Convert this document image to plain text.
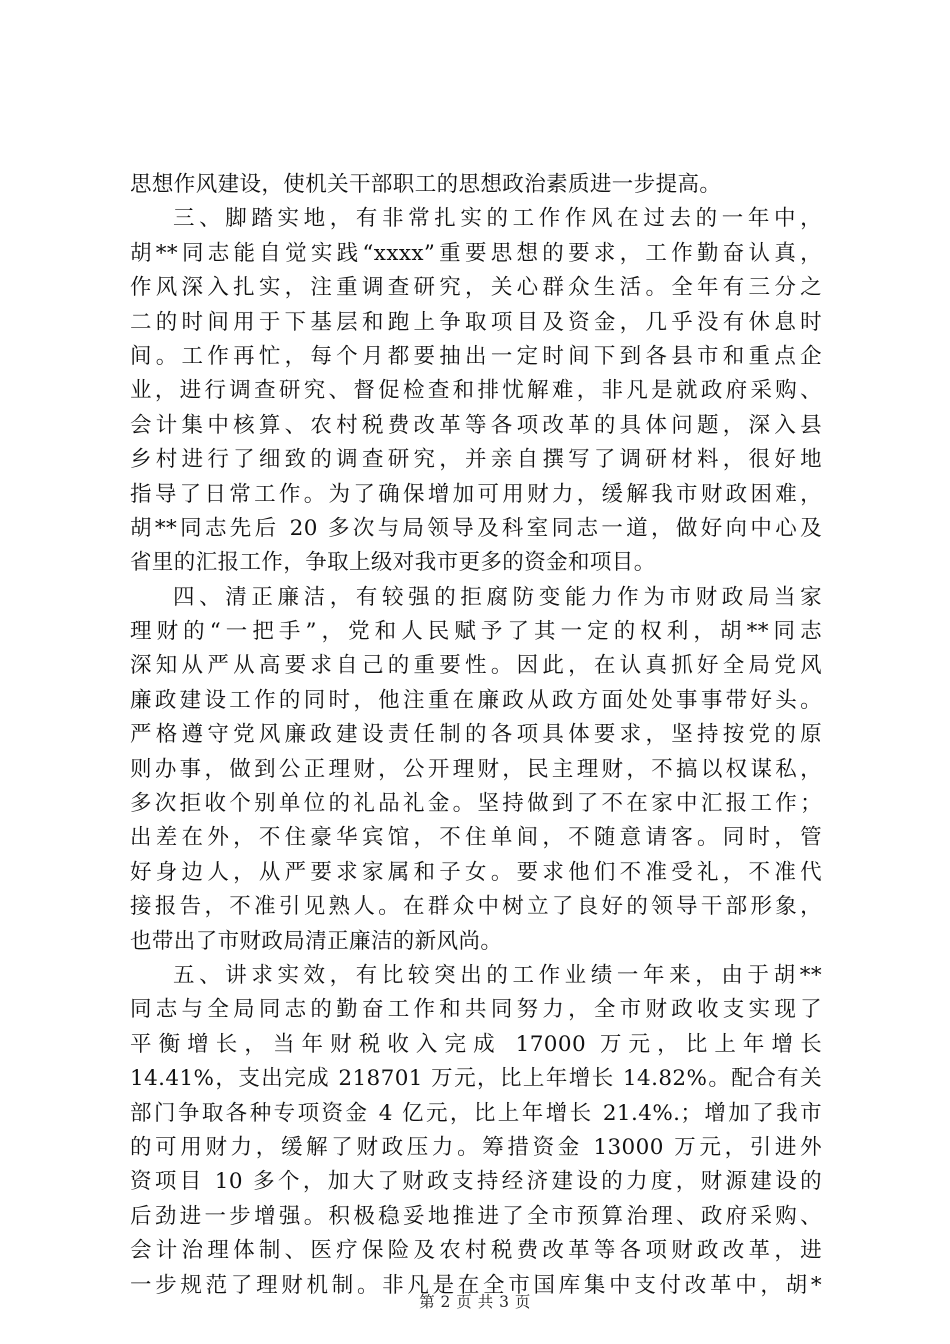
思想作风建设，使机关干部职工的思想政治素质进一步提高。
三、脚踏实地，有非常扎实的工作作风在过去的一年中，
胡**同志能自觉实践“xxxx”重要思想的要求，工作勤奋认真，
作风深入扎实，注重调查研究，关心群众生活。全年有三分之
二的时间用于下基层和跑上争取项目及资金，几乎没有休息时
间。工作再忙，每个月都要抽出一定时间下到各县市和重点企
业，进行调查研究、督促检查和排忧解难，非凡是就政府采购、
会计集中核算、农村税费改革等各项改革的具体问题，深入县
乡村进行了细致的调查研究，并亲自撰写了调研材料，很好地
指导了日常工作。为了确保增加可用财力，缓解我市财政困难，
胡**同志先后 20 多次与局领导及科室同志一道，做好向中心及
省里的汇报工作，争取上级对我市更多的资金和项目。
四、清正廉洁，有较强的拒腐防变能力作为市财政局当家
理财的“一把手”，党和人民赋予了其一定的权利，胡**同志
深知从严从高要求自己的重要性。因此，在认真抓好全局党风
廉政建设工作的同时，他注重在廉政从政方面处处事事带好头。
严格遵守党风廉政建设责任制的各项具体要求，坚持按党的原
则办事，做到公正理财，公开理财，民主理财，不搞以权谋私，
多次拒收个别单位的礼品礼金。坚持做到了不在家中汇报工作；
出差在外，不住豪华宾馆，不住单间，不随意请客。同时，管
好身边人，从严要求家属和子女。要求他们不准受礼，不准代
接报告，不准引见熟人。在群众中树立了良好的领导干部形象，
也带出了市财政局清正廉洁的新风尚。
五、讲求实效，有比较突出的工作业绩一年来，由于胡**
同志与全局同志的勤奋工作和共同努力，全市财政收支实现了
平衡增长，当年财税收入完成 17000 万元，比上年增长
14.41%，支出完成 218701 万元，比上年增长 14.82%。配合有关
部门争取各种专项资金 4 亿元，比上年增长 21.4%.；增加了我市
的可用财力，缓解了财政压力。筹措资金 13000 万元，引进外
资项目 10 多个，加大了财政支持经济建设的力度，财源建设的
后劲进一步增强。积极稳妥地推进了全市预算治理、政府采购、
会计治理体制、医疗保险及农村税费改革等各项财政改革，进
一步规范了理财机制。非凡是在全市国库集中支付改革中，胡*
第 2 页 共 3 页
